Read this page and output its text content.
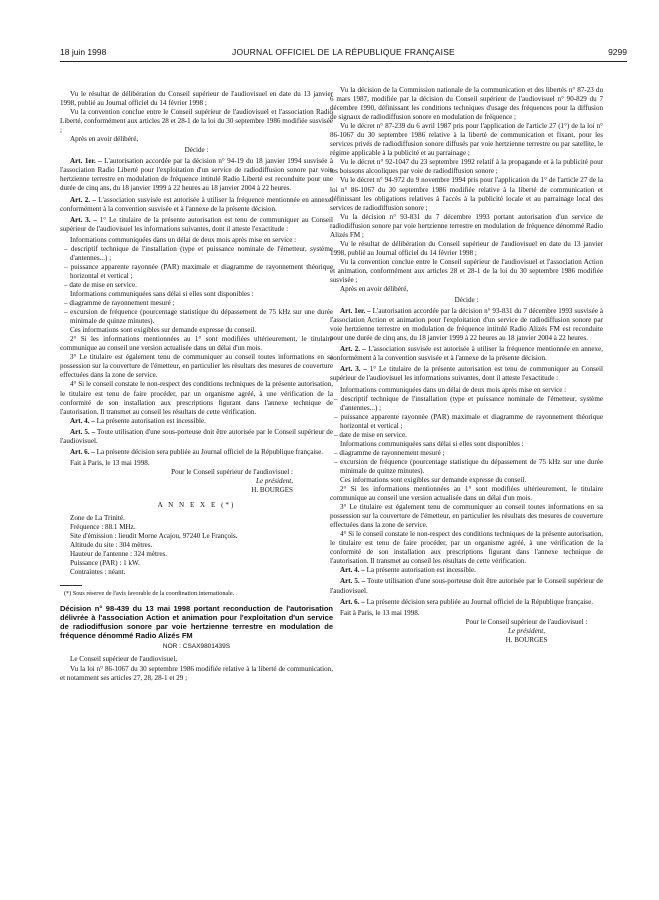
18 juin 1998	JOURNAL OFFICIEL DE LA RÉPUBLIQUE FRANÇAISE	9299

Vu le résultat de délibération du Conseil supérieur de l'audiovisuel en date du 13 janvier 1998, publié au Journal officiel du 14 février 1998 ;

Vu la convention conclue entre le Conseil supérieur de l'audiovisuel et l'association Radio Liberté, conformément aux articles 28 et 28-1 de la loi du 30 septembre 1986 modifiée susvisée ;

Après en avoir délibéré,

Décide :

Art. 1er. – L'autorisation accordée par la décision n° 94-19 du 18 janvier 1994 susvisée à l'association Radio Liberté pour l'exploitation d'un service de radiodiffusion sonore par voie hertzienne terrestre en modulation de fréquence intitulé Radio Liberté est reconduite pour une durée de cinq ans, du 18 janvier 1999 à 22 heures au 18 janvier 2004 à 22 heures.

Art. 2. – L'association susvisée est autorisée à utiliser la fréquence mentionnée en annexe, conformément à la convention susvisée et à l'annexe de la présente décision.

Art. 3. – 1° Le titulaire de la présente autorisation est tenu de communiquer au Conseil supérieur de l'audiovisuel les informations suivantes, dont il atteste l'exactitude :

Informations communiquées dans un délai de deux mois après mise en service :

– descriptif technique de l'installation (type et puissance nominale de l'émetteur, système d'antennes...) ;

– puissance apparente rayonnée (PAR) maximale et diagramme de rayonnement théorique horizontal et vertical ;

– date de mise en service.

Informations communiquées sans délai si elles sont disponibles :

– diagramme de rayonnement mesuré ;

– excursion de fréquence (pourcentage statistique du dépassement de 75 kHz sur une durée minimale de quinze minutes).

Ces informations sont exigibles sur demande expresse du conseil.

2° Si les informations mentionnées au 1° sont modifiées ultérieurement, le titulaire communique au conseil une version actualisée dans un délai d'un mois.

3° Le titulaire est également tenu de communiquer au conseil toutes informations en sa possession sur la couverture de l'émetteur, en particulier les résultats des mesures de couverture effectuées dans la zone de service.

4° Si le conseil constate le non-respect des conditions techniques de la présente autorisation, le titulaire est tenu de faire procéder, par un organisme agréé, à une vérification de la conformité de son installation aux prescriptions figurant dans l'annexe technique de l'autorisation. Il transmet au conseil les résultats de cette vérification.

Art. 4. – La présente autorisation est incessible.

Art. 5. – Toute utilisation d'une sous-porteuse doit être autorisée par le Conseil supérieur de l'audiovisuel.

Art. 6. – La présente décision sera publiée au Journal officiel de la République française.

Fait à Paris, le 13 mai 1998.

Pour le Conseil supérieur de l'audiovisuel :

Le président,

H. BOURGES

A N N E X E (*)

Zone de La Trinité.

Fréquence : 88.1 MHz.

Site d'émission : lieudit Morne Acajou, 97240 Le François.

Altitude du site : 304 mètres.

Hauteur de l'antenne : 324 mètres.

Puissance (PAR) : 1 kW.

Contraintes : néant.

(*) Sous réserve de l'avis favorable de la coordination internationale.

Décision n° 98-439 du 13 mai 1998 portant reconduction de l'autorisation délivrée à l'association Action et animation pour l'exploitation d'un service de radiodiffusion sonore par voie hertzienne terrestre en modulation de fréquence dénommé Radio Alizés FM

NOR : CSAX9801439S

Le Conseil supérieur de l'audiovisuel,

Vu la loi n° 86-1067 du 30 septembre 1986 modifiée relative à la liberté de communication, et notamment ses articles 27, 28, 28-1 et 29 ;

Vu la décision de la Commission nationale de la communication et des libertés n° 87-23 du 6 mars 1987, modifiée par la décision du Conseil supérieur de l'audiovisuel n° 90-829 du 7 décembre 1990, définissant les conditions techniques d'usage des fréquences pour la diffusion de signaux de radiodiffusion sonore en modulation de fréquence ;

Vu le décret n° 87-239 du 6 avril 1987 pris pour l'application de l'article 27 (1°) de la loi n° 86-1067 du 30 septembre 1986 relative à la liberté de communication et fixant, pour les services privés de radiodiffusion sonore diffusés par voie hertzienne terrestre ou par satellite, le régime applicable à la publicité et au parrainage ;

Vu le décret n° 92-1047 du 23 septembre 1992 relatif à la propagande et à la publicité pour les boissons alcooliques par voie de radiodiffusion sonore ;

Vu le décret n° 94-972 du 9 novembre 1994 pris pour l'application du 1° de l'article 27 de la loi n° 86-1067 du 30 septembre 1986 modifiée relative à la liberté de communication et définissant les obligations relatives à l'accès à la publicité locale et au parrainage local des services de radiodiffusion sonore ;

Vu la décision n° 93-831 du 7 décembre 1993 portant autorisation d'un service de radiodiffusion sonore par voie hertzienne terrestre en modulation de fréquence dénommé Radio Alizés FM ;

Vu le résultat de délibération du Conseil supérieur de l'audiovisuel en date du 13 janvier 1998, publié au Journal officiel du 14 février 1998 ;

Vu la convention conclue entre le Conseil supérieur de l'audiovisuel et l'association Action et animation, conformément aux articles 28 et 28-1 de la loi du 30 septembre 1986 modifiée susvisée ;

Après en avoir délibéré,

Décide :

Art. 1er. – L'autorisation accordée par la décision n° 93-831 du 7 décembre 1993 susvisée à l'association Action et animation pour l'exploitation d'un service de radiodiffusion sonore par voie hertzienne terrestre en modulation de fréquence intitulé Radio Alizés FM est reconduite pour une durée de cinq ans, du 18 janvier 1999 à 22 heures au 18 janvier 2004 à 22 heures.

Art. 2. – L'association susvisée est autorisée à utiliser la fréquence mentionnée en annexe, conformément à la convention susvisée et à l'annexe de la présente décision.

Art. 3. – 1° Le titulaire de la présente autorisation est tenu de communiquer au Conseil supérieur de l'audiovisuel les informations suivantes, dont il atteste l'exactitude :

Informations communiquées dans un délai de deux mois après mise en service :

– descriptif technique de l'installation (type et puissance nominale de l'émetteur, système d'antennes...) ;

– puissance apparente rayonnée (PAR) maximale et diagramme de rayonnement théorique horizontal et vertical ;

– date de mise en service.

Informations communiquées sans délai si elles sont disponibles :

– diagramme de rayonnement mesuré ;

– excursion de fréquence (pourcentage statistique du dépassement de 75 kHz sur une durée minimale de quinze minutes).

Ces informations sont exigibles sur demande expresse du conseil.

2° Si les informations mentionnées au 1° sont modifiées ultérieurement, le titulaire communique au conseil une version actualisée dans un délai d'un mois.

3° Le titulaire est également tenu de communiquer au conseil toutes informations en sa possession sur la couverture de l'émetteur, en particulier les résultats des mesures de couverture effectuées dans la zone de service.

4° Si le conseil constate le non-respect des conditions techniques de la présente autorisation, le titulaire est tenu de faire procéder, par un organisme agréé, à une vérification de la conformité de son installation aux prescriptions figurant dans l'annexe technique de l'autorisation. Il transmet au conseil les résultats de cette vérification.

Art. 4. – La présente autorisation est incessible.

Art. 5. – Toute utilisation d'une sous-porteuse doit être autorisée par le Conseil supérieur de l'audiovisuel.

Art. 6. – La présente décision sera publiée au Journal officiel de la République française.

Fait à Paris, le 13 mai 1998.

Pour le Conseil supérieur de l'audiovisuel :

Le président,

H. BOURGES
